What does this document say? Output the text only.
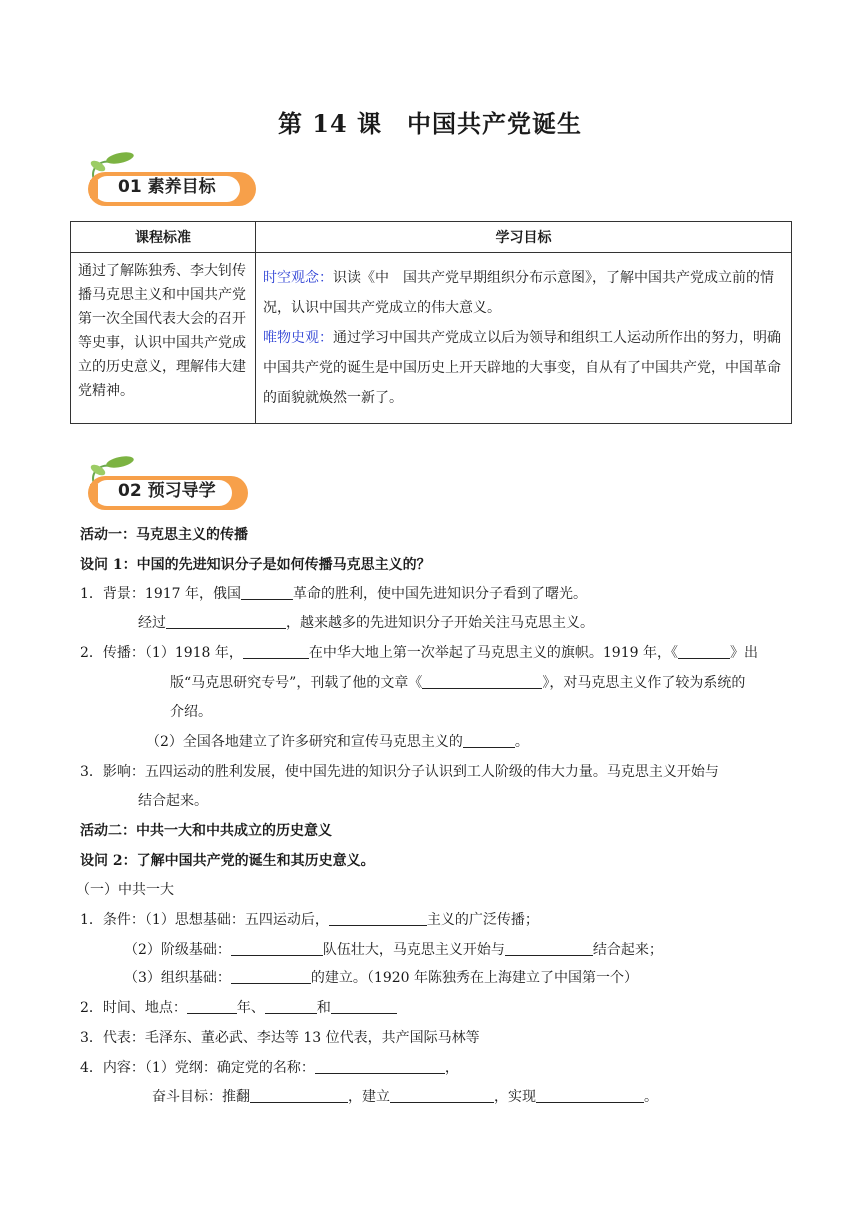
第 14 课　中国共产党诞生
01 素养目标
课程标准	学习目标
通过了解陈独秀、李大钊传播马克思主义和中国共产党第一次全国代表大会的召开等史事，认识中国共产党成立的历史意义，理解伟大建党精神。	时空观念：识读《中　国共产党早期组织分布示意图》，了解中国共产党成立前的情况，认识中国共产党成立的伟大意义。
唯物史观：通过学习中国共产党成立以后为领导和组织工人运动所作出的努力，明确中国共产党的诞生是中国历史上开天辟地的大事变，自从有了中国共产党，中国革命的面貌就焕然一新了。
02 预习导学
活动一：马克思主义的传播
设问 1：中国的先进知识分子是如何传播马克思主义的？
1．背景：1917 年，俄国	革命的胜利，使中国先进知识分子看到了曙光。
经过	，越来越多的先进知识分子开始关注马克思主义。
2．传播：（1）1918 年，	在中华大地上第一次举起了马克思主义的旗帜。1919 年，《	》出
版“马克思研究专号”，刊载了他的文章《	》，对马克思主义作了较为系统的
介绍。
（2）全国各地建立了许多研究和宣传马克思主义的	。
3．影响：五四运动的胜利发展，使中国先进的知识分子认识到工人阶级的伟大力量。马克思主义开始与
结合起来。
活动二：中共一大和中共成立的历史意义
设问 2：了解中国共产党的诞生和其历史意义。
（一）中共一大
1．条件：（1）思想基础：五四运动后，	主义的广泛传播；
（2）阶级基础：	队伍壮大，马克思主义开始与	结合起来；
（3）组织基础：	的建立。（1920 年陈独秀在上海建立了中国第一个）
2．时间、地点：	年、	和
3．代表：毛泽东、董必武、李达等 13 位代表，共产国际马林等
4．内容：（1）党纲：确定党的名称：	，
奋斗目标：推翻	，建立	，实现	。
